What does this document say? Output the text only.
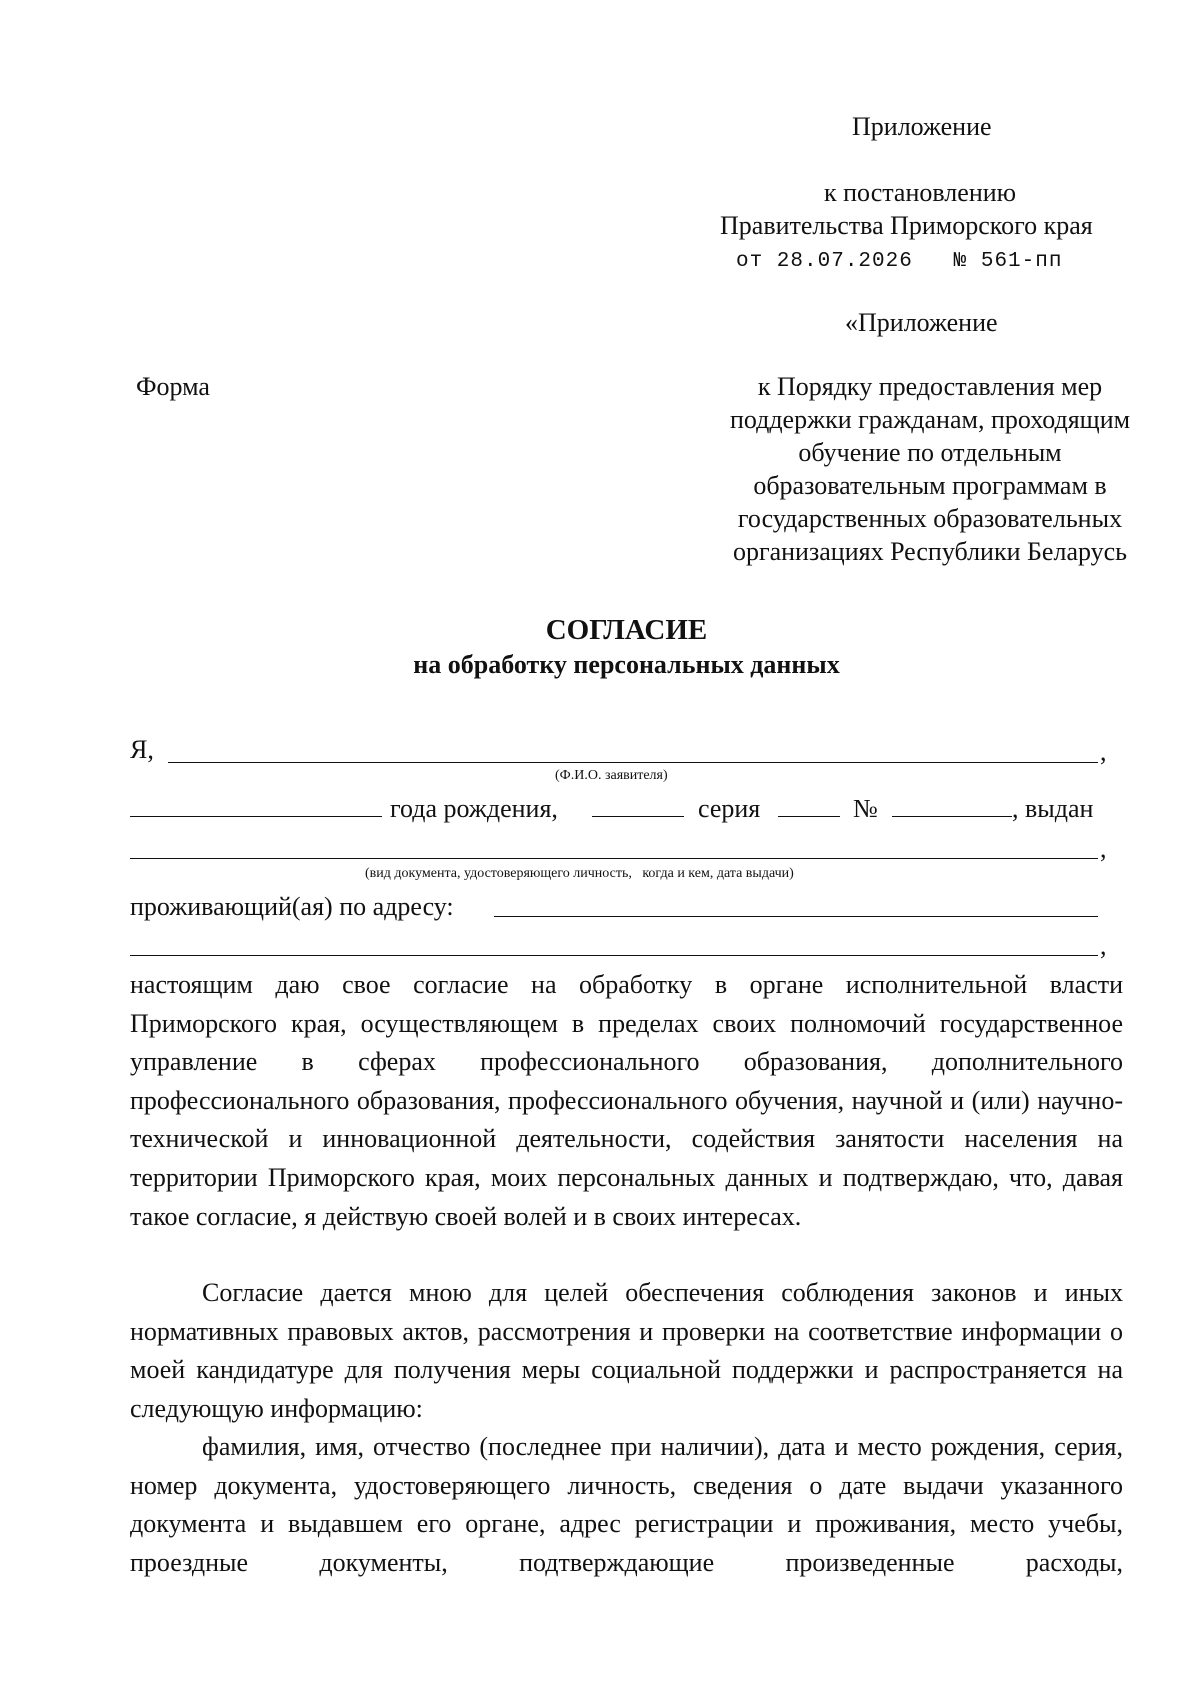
Приложение
к постановлению
Правительства Приморского края
от 28.07.2026   № 561-пп
«Приложение
Форма	к Порядку предоставления мер
поддержки гражданам, проходящим
обучение по отдельным
образовательным программам в
государственных образовательных
организациях Республики Беларусь
СОГЛАСИЕ
на обработку персональных данных
Я,	,
(Ф.И.О. заявителя)
года рождения,	серия	№	, выдан
,
(вид документа, удостоверяющего личность,   когда и кем, дата выдачи)
проживающий(ая) по адресу:
,

настоящим даю свое согласие на обработку в органе исполнительной власти Приморского края, осуществляющем в пределах своих полномочий государственное управление в сферах профессионального образования, дополнительного профессионального образования, профессионального обучения, научной и (или) научно-технической и инновационной деятельности, содействия занятости населения на территории Приморского края, моих персональных данных и подтверждаю, что, давая такое согласие, я действую своей волей и в своих интересах.

Согласие дается мною для целей обеспечения соблюдения законов и иных нормативных правовых актов, рассмотрения и проверки на соответствие информации о моей кандидатуре для получения меры социальной поддержки и распространяется на следующую информацию:

фамилия, имя, отчество (последнее при наличии), дата и место рождения, серия, номер документа, удостоверяющего личность, сведения о дате выдачи указанного документа и выдавшем его органе, адрес регистрации и проживания, место учебы, проездные документы, подтверждающие произведенные расходы,
